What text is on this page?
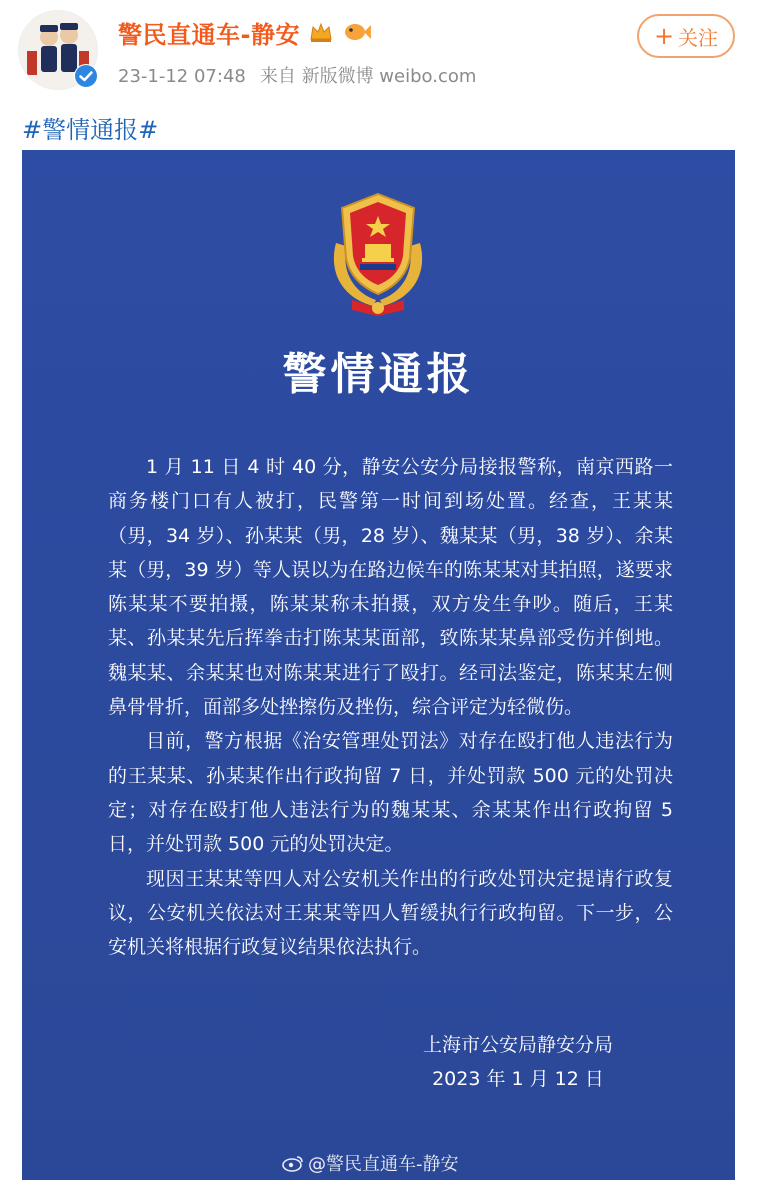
警民直通车-静安
23-1-12 07:48 来自 新版微博 weibo.com
+ 关注
#警情通报#
警情通报

1 月 11 日 4 时 40 分，静安公安分局接报警称，南京西路一商务楼门口有人被打，民警第一时间到场处置。经查，王某某（男，34 岁）、孙某某（男，28 岁）、魏某某（男，38 岁）、余某某（男，39 岁）等人误以为在路边候车的陈某某对其拍照，遂要求陈某某不要拍摄，陈某某称未拍摄，双方发生争吵。随后，王某某、孙某某先后挥拳击打陈某某面部，致陈某某鼻部受伤并倒地。魏某某、余某某也对陈某某进行了殴打。经司法鉴定，陈某某左侧鼻骨骨折，面部多处挫擦伤及挫伤，综合评定为轻微伤。

目前，警方根据《治安管理处罚法》对存在殴打他人违法行为的王某某、孙某某作出行政拘留 7 日，并处罚款 500 元的处罚决定；对存在殴打他人违法行为的魏某某、余某某作出行政拘留 5 日，并处罚款 500 元的处罚决定。

现因王某某等四人对公安机关作出的行政处罚决定提请行政复议，公安机关依法对王某某等四人暂缓执行行政拘留。下一步，公安机关将根据行政复议结果依法执行。

上海市公安局静安分局
2023 年 1 月 12 日
@警民直通车-静安
